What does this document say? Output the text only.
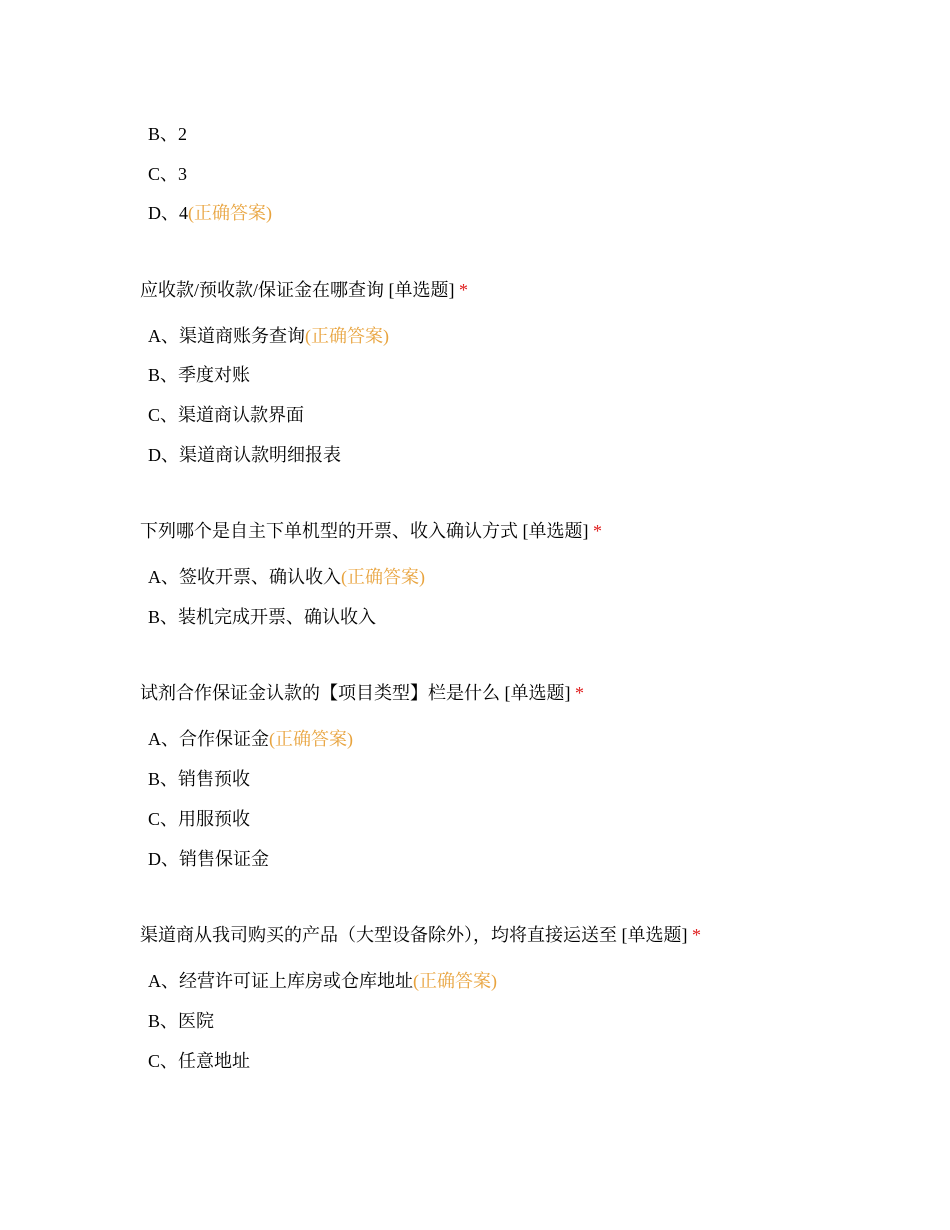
B、2
C、3
D、4(正确答案)
应收款/预收款/保证金在哪查询 [单选题] *
A、渠道商账务查询(正确答案)
B、季度对账
C、渠道商认款界面
D、渠道商认款明细报表
下列哪个是自主下单机型的开票、收入确认方式 [单选题] *
A、签收开票、确认收入(正确答案)
B、装机完成开票、确认收入
试剂合作保证金认款的【项目类型】栏是什么 [单选题] *
A、合作保证金(正确答案)
B、销售预收
C、用服预收
D、销售保证金
渠道商从我司购买的产品（大型设备除外），均将直接运送至 [单选题] *
A、经营许可证上库房或仓库地址(正确答案)
B、医院
C、任意地址
